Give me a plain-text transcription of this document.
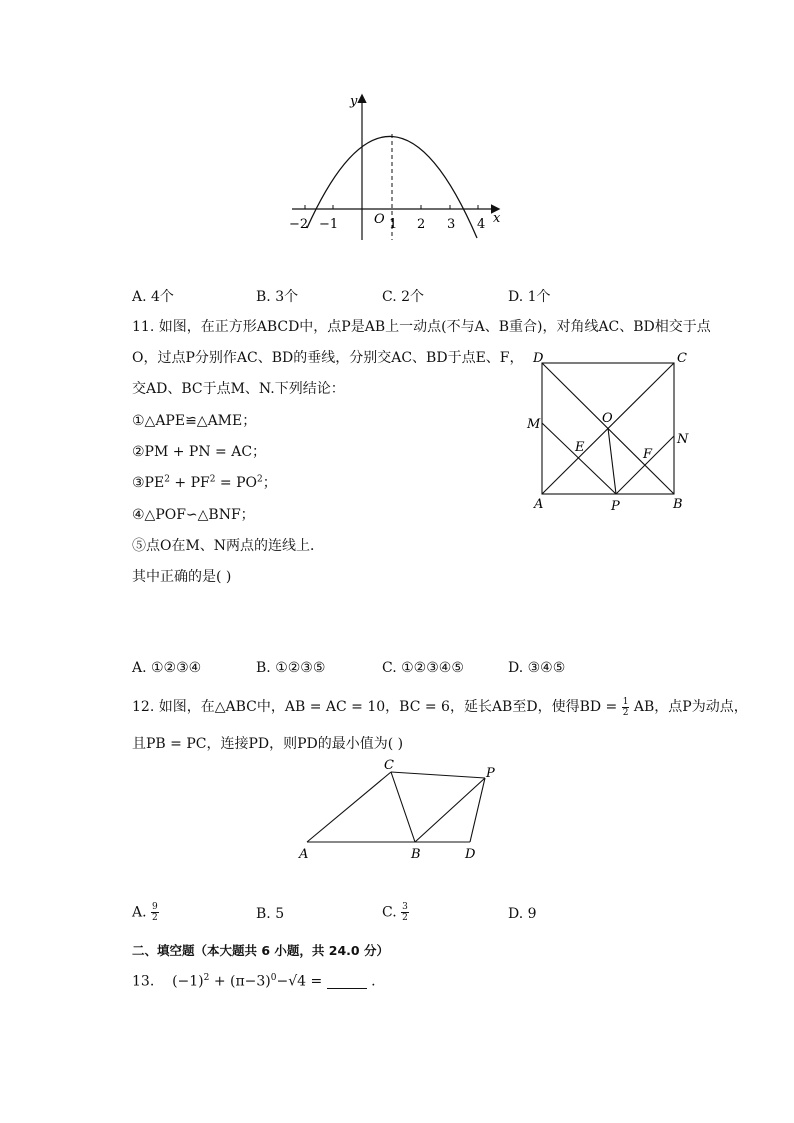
y
x
O
−2 −1	1 2 3 4
A. 4个	B. 3个	C. 2个	D. 1个
11. 如图，在正方形ABCD中，点P是AB上一动点(不与A、B重合)，对角线AC、BD相交于点
O，过点P分别作AC、BD的垂线，分别交AC、BD于点E、F，
交AD、BC于点M、N.下列结论：
①△APE≌△AME；
②PM + PN = AC；
$③PE^2 + PF^2 = PO^2$；
④△POF∽△BNF；
⑤点O在M、N两点的连线上．
其中正确的是( )
D	C
M	O
N
E	F
A	P	B
A. ①②③④	B. ①②③⑤	C. ①②③④⑤	D. ③④⑤
12. 如图，在△ABC中，AB = AC = 10，BC = 6，延长AB至D，使得BD = $\frac{1}{2}$ AB，点P为动点，
且PB = PC，连接PD，则PD的最小值为( )
C
P
A	B	D
A. $\frac{9}{2}$	B. 5	C. $\frac{3}{2}$	D. 9
二、填空题（本大题共 6 小题，共 24.0 分）
13. $(-1)^2 + (\pi-3)^0-√4$ =	.
